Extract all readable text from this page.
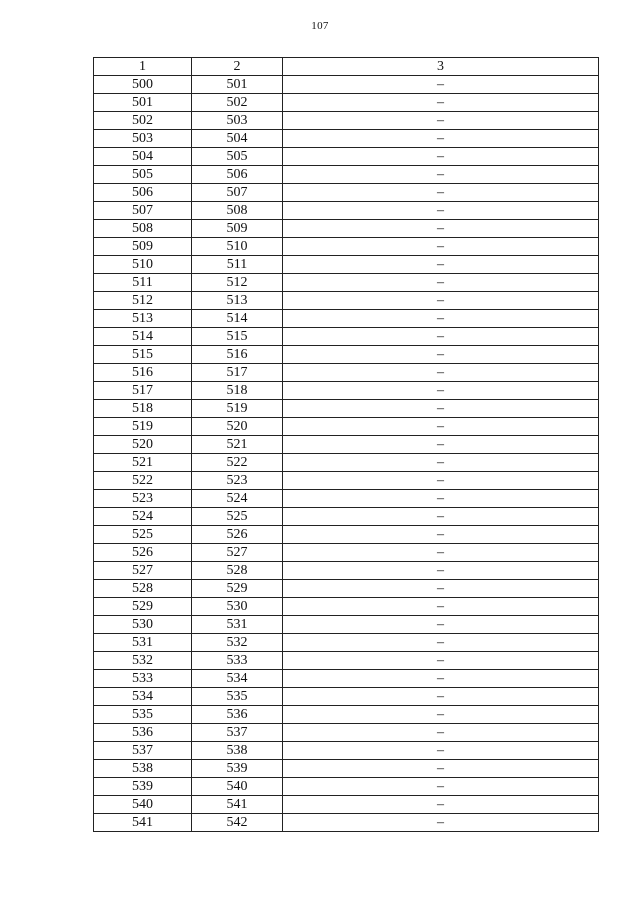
107
1	2	3
500	501	–
501	502	–
502	503	–
503	504	–
504	505	–
505	506	–
506	507	–
507	508	–
508	509	–
509	510	–
510	511	–
511	512	–
512	513	–
513	514	–
514	515	–
515	516	–
516	517	–
517	518	–
518	519	–
519	520	–
520	521	–
521	522	–
522	523	–
523	524	–
524	525	–
525	526	–
526	527	–
527	528	–
528	529	–
529	530	–
530	531	–
531	532	–
532	533	–
533	534	–
534	535	–
535	536	–
536	537	–
537	538	–
538	539	–
539	540	–
540	541	–
541	542	–
